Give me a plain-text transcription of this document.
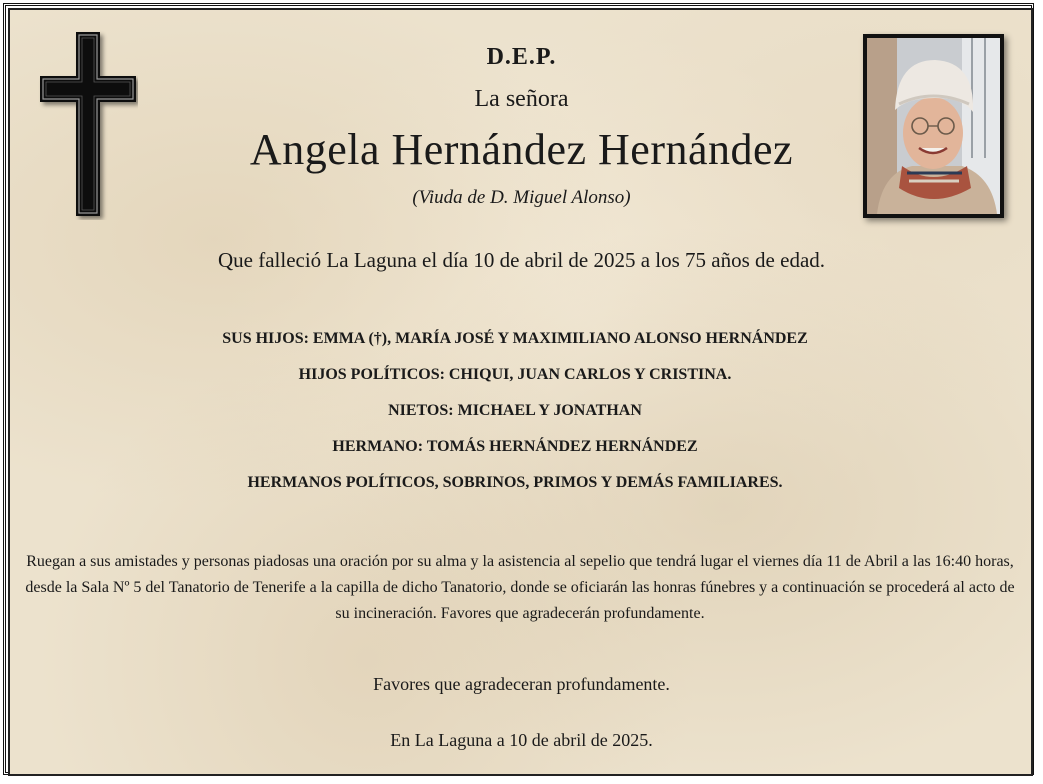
D.E.P.
La señora
Angela Hernández Hernández
(Viuda de D. Miguel Alonso)
Que falleció La Laguna el día 10 de abril de 2025 a los 75 años de edad.
SUS HIJOS: EMMA (†), MARÍA JOSÉ Y MAXIMILIANO ALONSO HERNÁNDEZ
HIJOS POLÍTICOS: CHIQUI, JUAN CARLOS Y CRISTINA.
NIETOS: MICHAEL Y JONATHAN
HERMANO: TOMÁS HERNÁNDEZ HERNÁNDEZ
HERMANOS POLÍTICOS, SOBRINOS, PRIMOS Y DEMÁS FAMILIARES.
Ruegan a sus amistades y personas piadosas una oración por su alma y la asistencia al sepelio que tendrá lugar el viernes día 11 de Abril a las 16:40 horas, desde la Sala Nº 5 del Tanatorio de Tenerife a la capilla de dicho Tanatorio, donde se oficiarán las honras fúnebres y a continuación se procederá al acto de su incineración. Favores que agradecerán profundamente.
Favores que agradeceran profundamente.
En La Laguna a 10 de abril de 2025.
